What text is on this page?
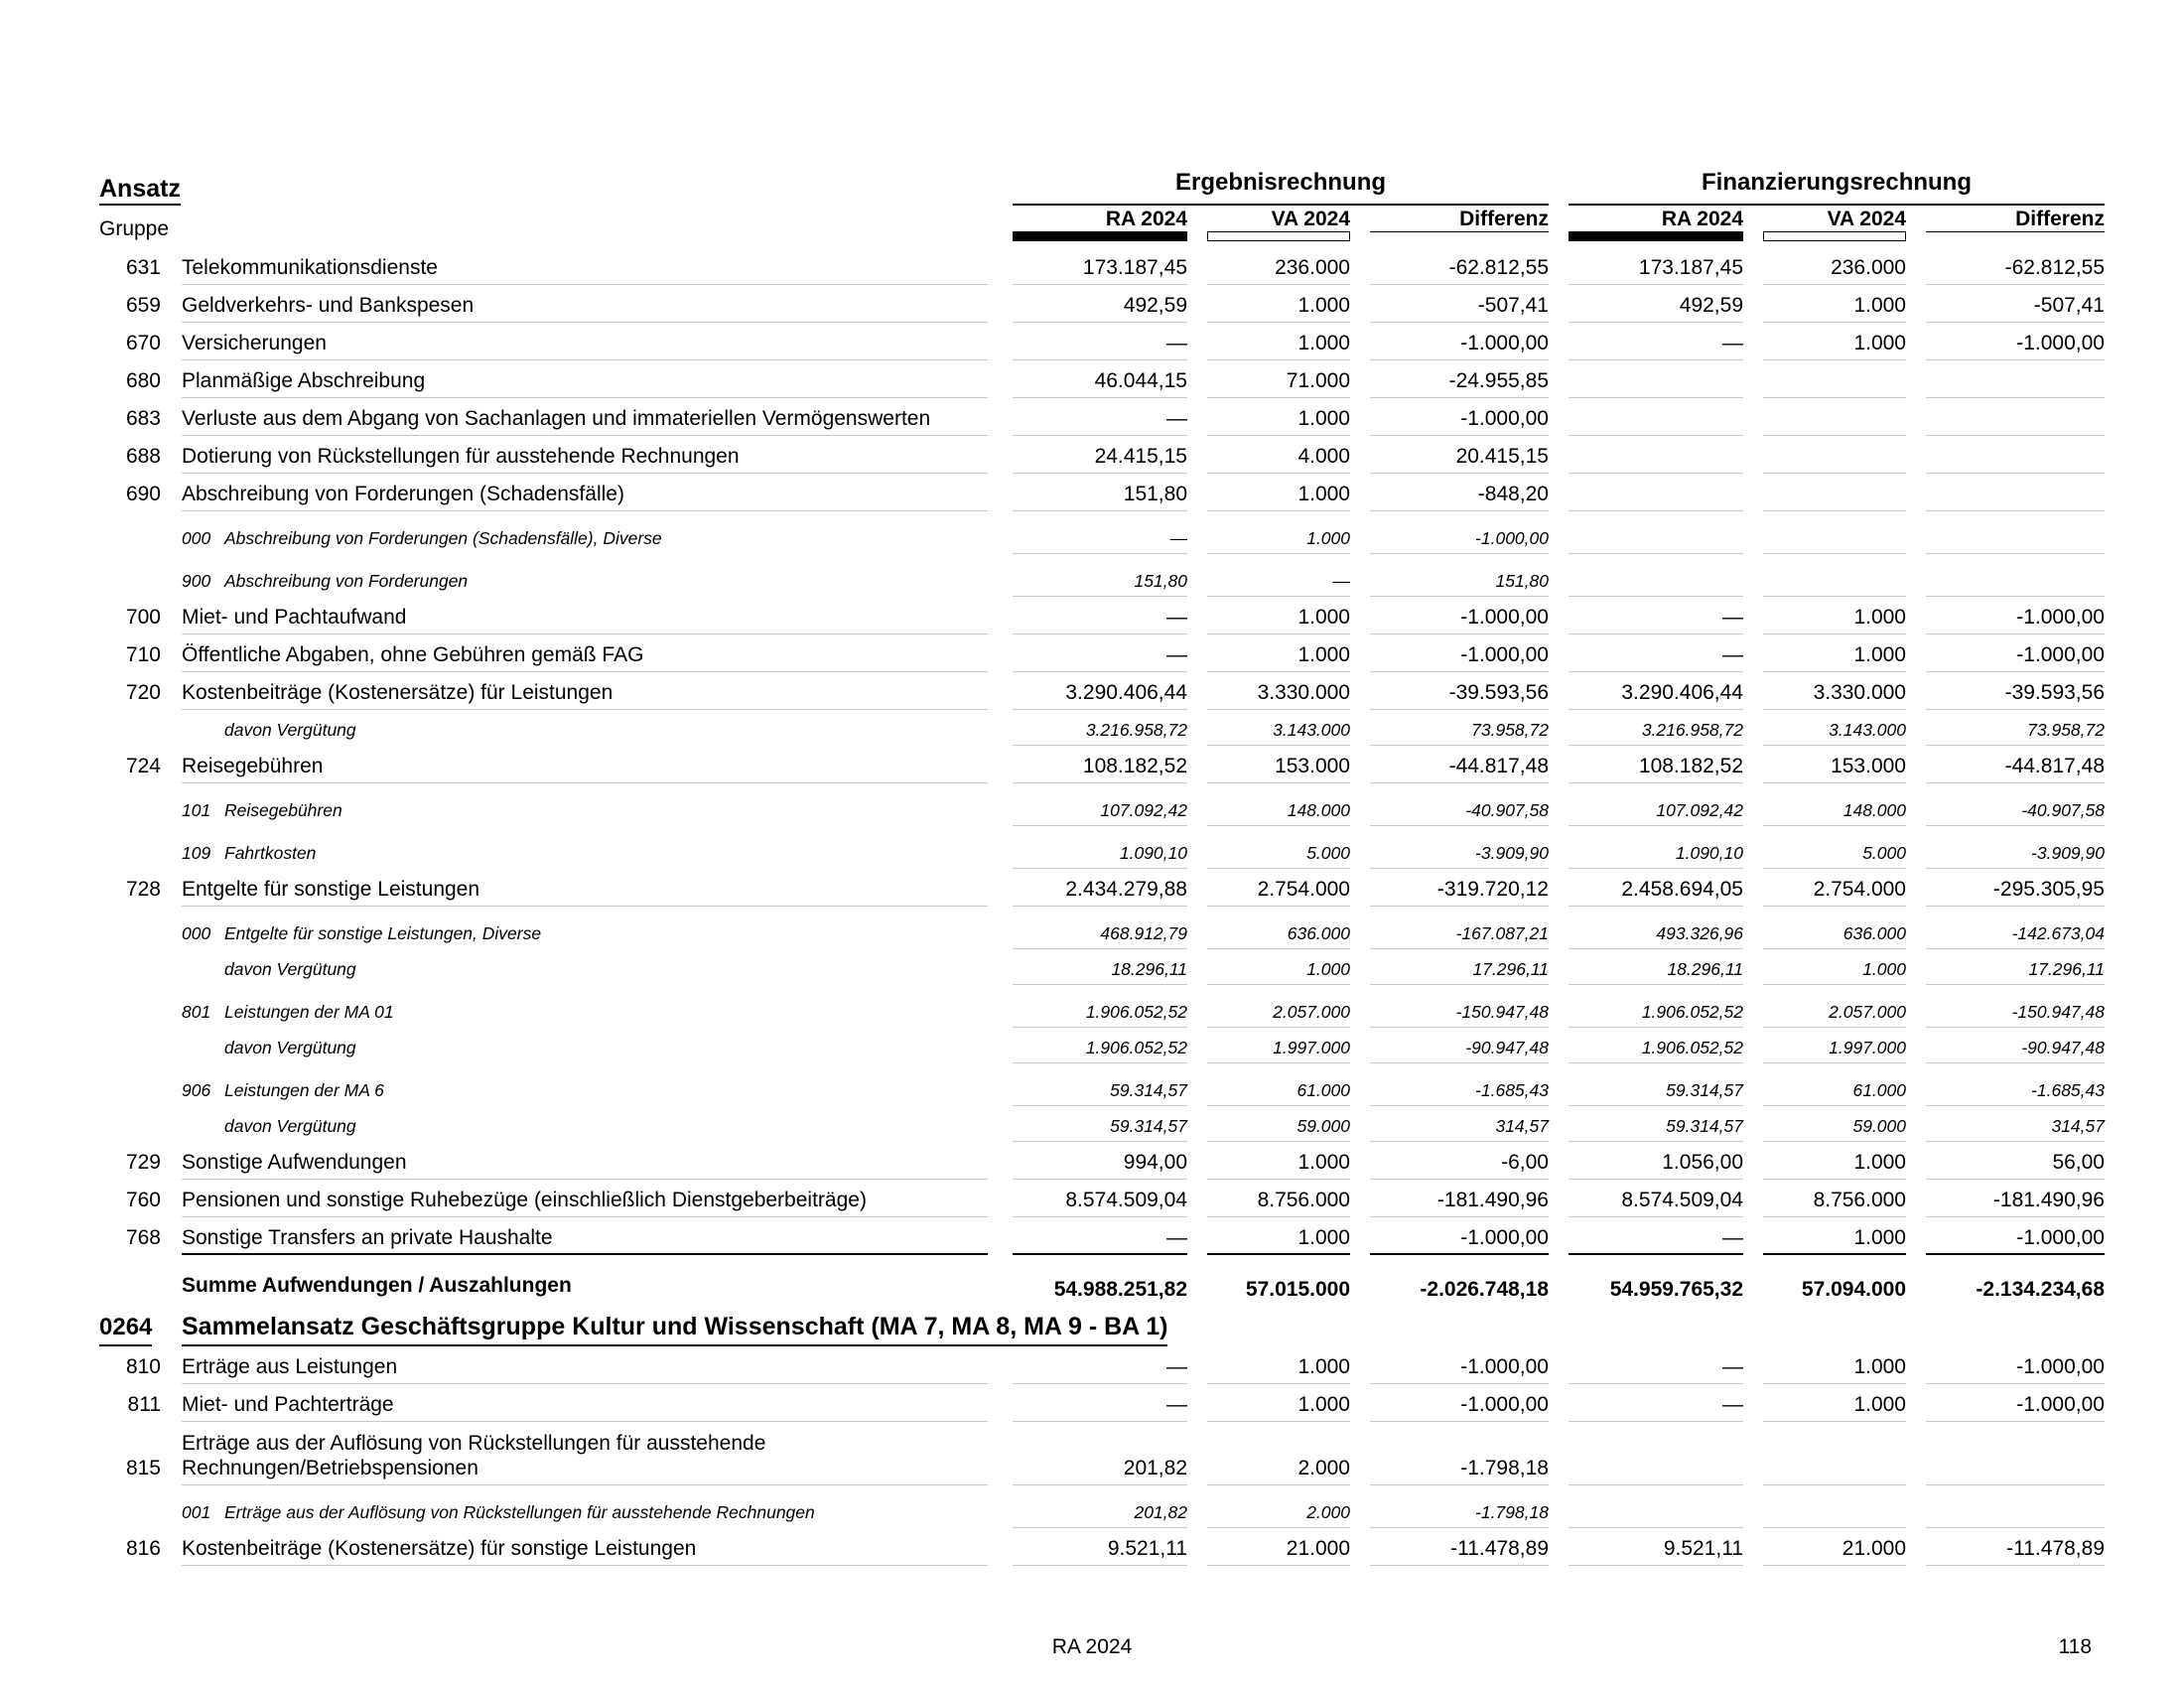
Ansatz
Gruppe
Ergebnisrechnung	Finanzierungsrechnung
RA 2024	VA 2024	Differenz	RA 2024	VA 2024	Differenz
631 Telekommunikationsdienste	173.187,45	236.000	-62.812,55	173.187,45	236.000	-62.812,55
659 Geldverkehrs- und Bankspesen	492,59	1.000	-507,41	492,59	1.000	-507,41
670 Versicherungen	—	1.000	-1.000,00	—	1.000	-1.000,00
680 Planmäßige Abschreibung	46.044,15	71.000	-24.955,85
683 Verluste aus dem Abgang von Sachanlagen und immateriellen Vermögenswerten	—	1.000	-1.000,00
688 Dotierung von Rückstellungen für ausstehende Rechnungen	24.415,15	4.000	20.415,15
690 Abschreibung von Forderungen (Schadensfälle)	151,80	1.000	-848,20
000 Abschreibung von Forderungen (Schadensfälle), Diverse	—	1.000	-1.000,00
900 Abschreibung von Forderungen	151,80	—	151,80
700 Miet- und Pachtaufwand	—	1.000	-1.000,00	—	1.000	-1.000,00
710 Öffentliche Abgaben, ohne Gebühren gemäß FAG	—	1.000	-1.000,00	—	1.000	-1.000,00
720 Kostenbeiträge (Kostenersätze) für Leistungen	3.290.406,44	3.330.000	-39.593,56	3.290.406,44	3.330.000	-39.593,56
davon Vergütung	3.216.958,72	3.143.000	73.958,72	3.216.958,72	3.143.000	73.958,72
724 Reisegebühren	108.182,52	153.000	-44.817,48	108.182,52	153.000	-44.817,48
101 Reisegebühren	107.092,42	148.000	-40.907,58	107.092,42	148.000	-40.907,58
109 Fahrtkosten	1.090,10	5.000	-3.909,90	1.090,10	5.000	-3.909,90
728 Entgelte für sonstige Leistungen	2.434.279,88	2.754.000	-319.720,12	2.458.694,05	2.754.000	-295.305,95
000 Entgelte für sonstige Leistungen, Diverse	468.912,79	636.000	-167.087,21	493.326,96	636.000	-142.673,04
davon Vergütung	18.296,11	1.000	17.296,11	18.296,11	1.000	17.296,11
801 Leistungen der MA 01	1.906.052,52	2.057.000	-150.947,48	1.906.052,52	2.057.000	-150.947,48
davon Vergütung	1.906.052,52	1.997.000	-90.947,48	1.906.052,52	1.997.000	-90.947,48
906 Leistungen der MA 6	59.314,57	61.000	-1.685,43	59.314,57	61.000	-1.685,43
davon Vergütung	59.314,57	59.000	314,57	59.314,57	59.000	314,57
729 Sonstige Aufwendungen	994,00	1.000	-6,00	1.056,00	1.000	56,00
760 Pensionen und sonstige Ruhebezüge (einschließlich Dienstgeberbeiträge)	8.574.509,04	8.756.000	-181.490,96	8.574.509,04	8.756.000	-181.490,96
768 Sonstige Transfers an private Haushalte	—	1.000	-1.000,00	—	1.000	-1.000,00
Summe Aufwendungen / Auszahlungen	54.988.251,82	57.015.000	-2.026.748,18	54.959.765,32	57.094.000	-2.134.234,68
0264 Sammelansatz Geschäftsgruppe Kultur und Wissenschaft (MA 7, MA 8, MA 9 - BA 1)
810 Erträge aus Leistungen	—	1.000	-1.000,00	—	1.000	-1.000,00
811 Miet- und Pachterträge	—	1.000	-1.000,00	—	1.000	-1.000,00
815
Erträge aus der Auflösung von Rückstellungen für ausstehende
Rechnungen/Betriebspensionen	201,82	2.000	-1.798,18
001 Erträge aus der Auflösung von Rückstellungen für ausstehende Rechnungen	201,82	2.000	-1.798,18
816 Kostenbeiträge (Kostenersätze) für sonstige Leistungen	9.521,11	21.000	-11.478,89	9.521,11	21.000	-11.478,89
RA 2024	118
